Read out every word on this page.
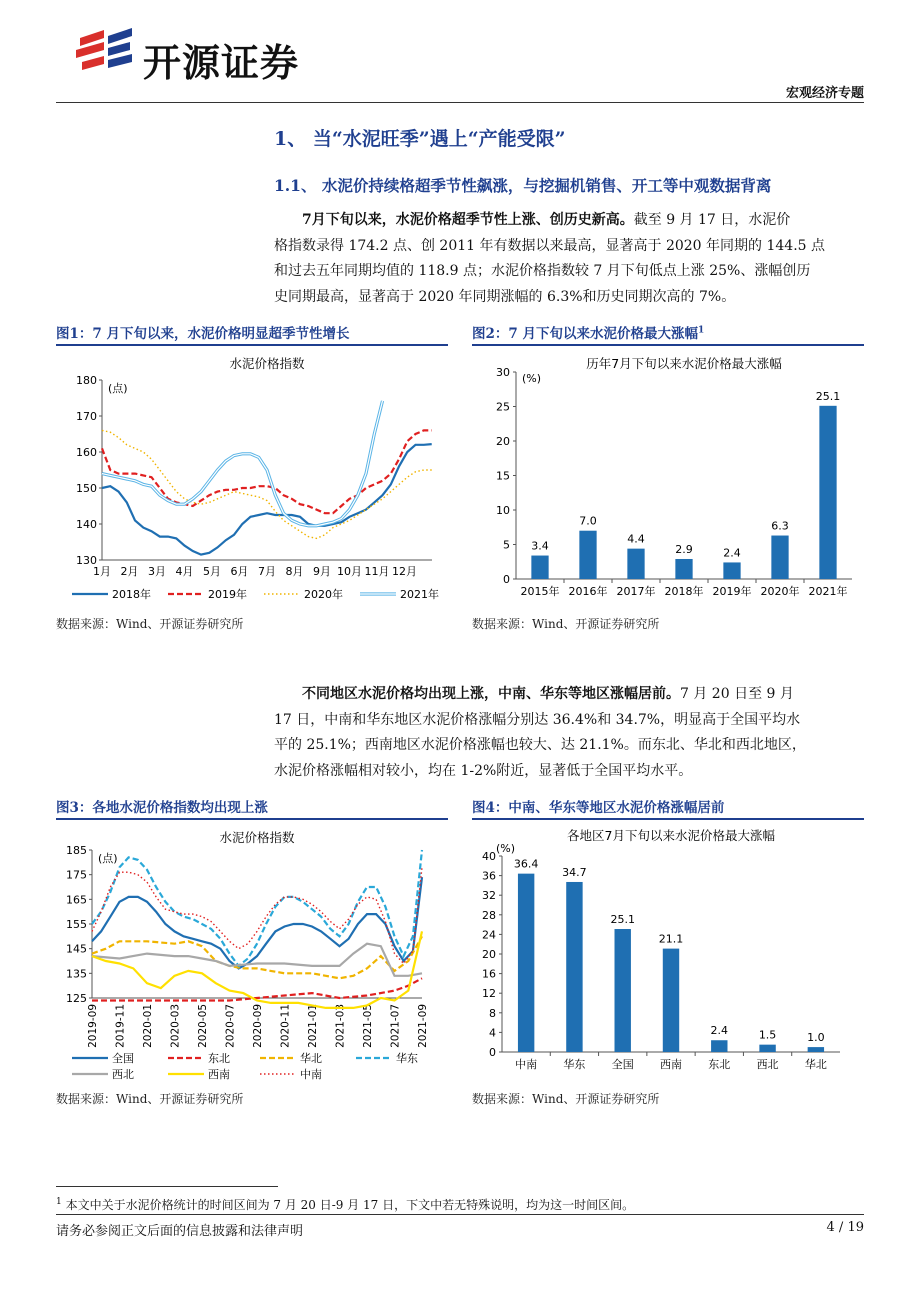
开源证券
宏观经济专题
1、 当“水泥旺季”遇上“产能受限”
1.1、 水泥价持续格超季节性飙涨，与挖掘机销售、开工等中观数据背离
7月下旬以来，水泥价格超季节性上涨、创历史新高。截至 9 月 17 日，水泥价
格指数录得 174.2 点、创 2011 年有数据以来最高，显著高于 2020 年同期的 144.5 点
和过去五年同期均值的 118.9 点；水泥价格指数较 7 月下旬低点上涨 25%、涨幅创历
史同期最高，显著高于 2020 年同期涨幅的 6.3%和历史同期次高的 7%。
图1：7 月下旬以来，水泥价格明显超季节性增长
水泥价格指数
(点)
180
170
160
150
140
130
1月 2月 3月 4月 5月 6月 7月 8月 9月 10月 11月 12月
2018年	2019年	2020年	2021年
数据来源：Wind、开源证券研究所
图2：7 月下旬以来水泥价格最大涨幅$^1$
历年7月下旬以来水泥价格最大涨幅
(%)
30
25
20
15
10
5
0
3.4
2015年
7.0
2016年
4.4
2017年
2.9
2018年
2.4
2019年
6.3
2020年
25.1
2021年
数据来源：Wind、开源证券研究所
不同地区水泥价格均出现上涨，中南、华东等地区涨幅居前。7 月 20 日至 9 月
17 日，中南和华东地区水泥价格涨幅分别达 36.4%和 34.7%，明显高于全国平均水
平的 25.1%；西南地区水泥价格涨幅也较大、达 21.1%。而东北、华北和西北地区，
水泥价格涨幅相对较小，均在 1-2%附近，显著低于全国平均水平。
图3：各地水泥价格指数均出现上涨
水泥价格指数
(点)
185
175
165
155
145
135
125
2019-09 2019-11 2020-01 2020-03 2020-05 2020-07 2020-09 2020-11 2021-01 2021-03 2021-05 2021-07 2021-09
全国	东北	华北	华东
西北	西南	中南
数据来源：Wind、开源证券研究所
图4：中南、华东等地区水泥价格涨幅居前
各地区7月下旬以来水泥价格最大涨幅
(%)
40
36
32
28
24
20
16
12
8
4
0
36.4
中南
34.7
华东
25.1
全国
21.1
西南
2.4
东北
1.5
西北
1.0
华北
数据来源：Wind、开源证券研究所
$^1$ 本文中关于水泥价格统计的时间区间为 7 月 20 日-9 月 17 日，下文中若无特殊说明，均为这一时间区间。
请务必参阅正文后面的信息披露和法律声明	4 / 19
